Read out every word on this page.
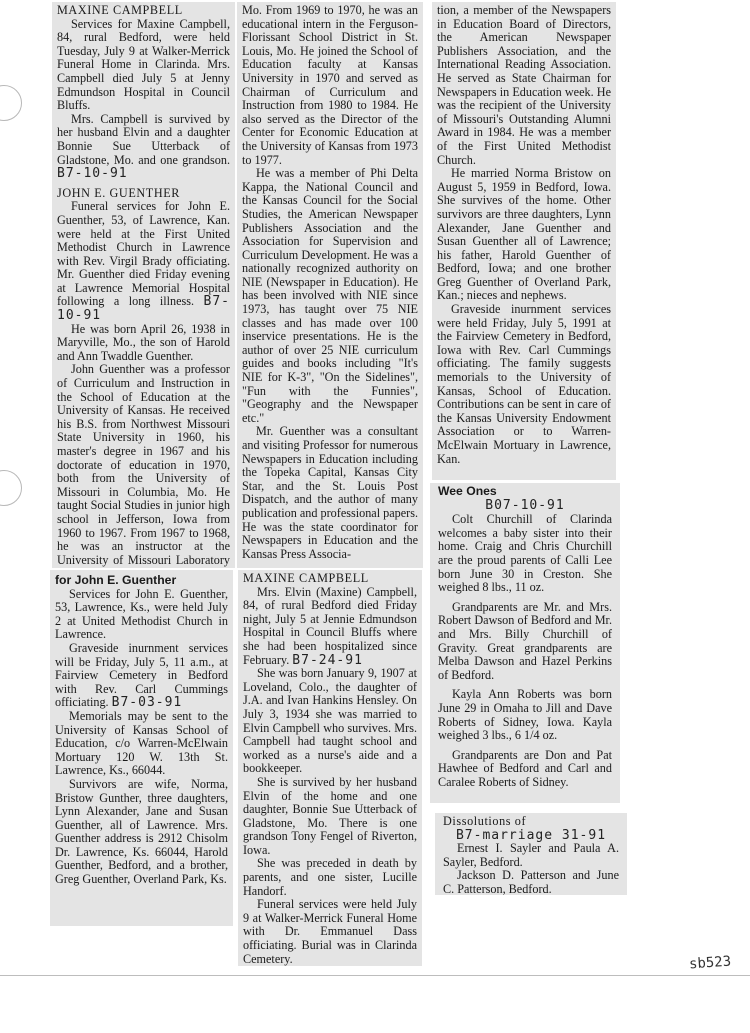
MAXINE CAMPBELL

Services for Maxine Campbell, 84, rural Bedford, were held Tuesday, July 9 at Walker-Merrick Funeral Home in Clarinda. Mrs. Campbell died July 5 at Jenny Edmundson Hospital in Council Bluffs.

Mrs. Campbell is survived by her husband Elvin and a daughter Bonnie Sue Utterback of Gladstone, Mo. and one grandson. B7-10-91

JOHN E. GUENTHER

Funeral services for John E. Guenther, 53, of Lawrence, Kan. were held at the First United Methodist Church in Lawrence with Rev. Virgil Brady officiating. Mr. Guenther died Friday evening at Lawrence Memorial Hospital following a long illness. B7-10-91

He was born April 26, 1938 in Maryville, Mo., the son of Harold and Ann Twaddle Guenther.

John Guenther was a professor of Curriculum and Instruction in the School of Education at the University of Kansas. He received his B.S. from Northwest Missouri State University in 1960, his master's degree in 1967 and his doctorate of education in 1970, both from the University of Missouri in Columbia, Mo. He taught Social Studies in junior high school in Jefferson, Iowa from 1960 to 1967. From 1967 to 1968, he was an instructor at the University of Missouri Laboratory

Mo. From 1969 to 1970, he was an educational intern in the Ferguson-Florissant School District in St. Louis, Mo. He joined the School of Education faculty at Kansas University in 1970 and served as Chairman of Curriculum and Instruction from 1980 to 1984. He also served as the Director of the Center for Economic Education at the University of Kansas from 1973 to 1977.

He was a member of Phi Delta Kappa, the National Council and the Kansas Council for the Social Studies, the American Newspaper Publishers Association and the Association for Supervision and Curriculum Development. He was a nationally recognized authority on NIE (Newspaper in Education). He has been involved with NIE since 1973, has taught over 75 NIE classes and has made over 100 inservice presentations. He is the author of over 25 NIE curriculum guides and books including "It's NIE for K-3", "On the Sidelines", "Fun with the Funnies", "Geography and the Newspaper etc."

Mr. Guenther was a consultant and visiting Professor for numerous Newspapers in Education including the Topeka Capital, Kansas City Star, and the St. Louis Post Dispatch, and the author of many publication and professional papers. He was the state coordinator for Newspapers in Education and the Kansas Press Associa-

tion, a member of the Newspapers in Education Board of Directors, the American Newspaper Publishers Association, and the International Reading Association. He served as State Chairman for Newspapers in Education week. He was the recipient of the University of Missouri's Outstanding Alumni Award in 1984. He was a member of the First United Methodist Church.

He married Norma Bristow on August 5, 1959 in Bedford, Iowa. She survives of the home. Other survivors are three daughters, Lynn Alexander, Jane Guenther and Susan Guenther all of Lawrence; his father, Harold Guenther of Bedford, Iowa; and one brother Greg Guenther of Overland Park, Kan.; nieces and nephews.

Graveside inurnment services were held Friday, July 5, 1991 at the Fairview Cemetery in Bedford, Iowa with Rev. Carl Cummings officiating. The family suggests memorials to the University of Kansas, School of Education. Contributions can be sent in care of the Kansas University Endowment Association or to Warren-McElwain Mortuary in Lawrence, Kan.

for John E. Guenther

Services for John E. Guenther, 53, Lawrence, Ks., were held July 2 at United Methodist Church in Lawrence.

Graveside inurnment services will be Friday, July 5, 11 a.m., at Fairview Cemetery in Bedford with Rev. Carl Cummings officiating. B7-03-91

Memorials may be sent to the University of Kansas School of Education, c/o Warren-McElwain Mortuary 120 W. 13th St. Lawrence, Ks., 66044.

Survivors are wife, Norma, Bristow Gunther, three daughters, Lynn Alexander, Jane and Susan Guenther, all of Lawrence. Mrs. Guenther address is 2912 Chisolm Dr. Lawrence, Ks. 66044, Harold Guenther, Bedford, and a brother, Greg Guenther, Overland Park, Ks.

MAXINE CAMPBELL

Mrs. Elvin (Maxine) Campbell, 84, of rural Bedford died Friday night, July 5 at Jennie Edmundson Hospital in Council Bluffs where she had been hospitalized since February. B7-24-91

She was born January 9, 1907 at Loveland, Colo., the daughter of J.A. and Ivan Hankins Hensley. On July 3, 1934 she was married to Elvin Campbell who survives. Mrs. Campbell had taught school and worked as a nurse's aide and a bookkeeper.

She is survived by her husband Elvin of the home and one daughter, Bonnie Sue Utterback of Gladstone, Mo. There is one grandson Tony Fengel of Riverton, Iowa.

She was preceded in death by parents, and one sister, Lucille Handorf.

Funeral services were held July 9 at Walker-Merrick Funeral Home with Dr. Emmanuel Dass officiating. Burial was in Clarinda Cemetery.

Wee Ones

B07-10-91

Colt Churchill of Clarinda welcomes a baby sister into their home. Craig and Chris Churchill are the proud parents of Calli Lee born June 30 in Creston. She weighed 8 lbs., 11 oz.

Grandparents are Mr. and Mrs. Robert Dawson of Bedford and Mr. and Mrs. Billy Churchill of Gravity. Great grandparents are Melba Dawson and Hazel Perkins of Bedford.

Kayla Ann Roberts was born June 29 in Omaha to Jill and Dave Roberts of Sidney, Iowa. Kayla weighed 3 lbs., 6 1/4 oz.

Grandparents are Don and Pat Hawhee of Bedford and Carl and Caralee Roberts of Sidney.

Dissolutions of

B7-marriage 31-91

Ernest I. Sayler and Paula A. Sayler, Bedford.

Jackson D. Patterson and June C. Patterson, Bedford.

sb523
